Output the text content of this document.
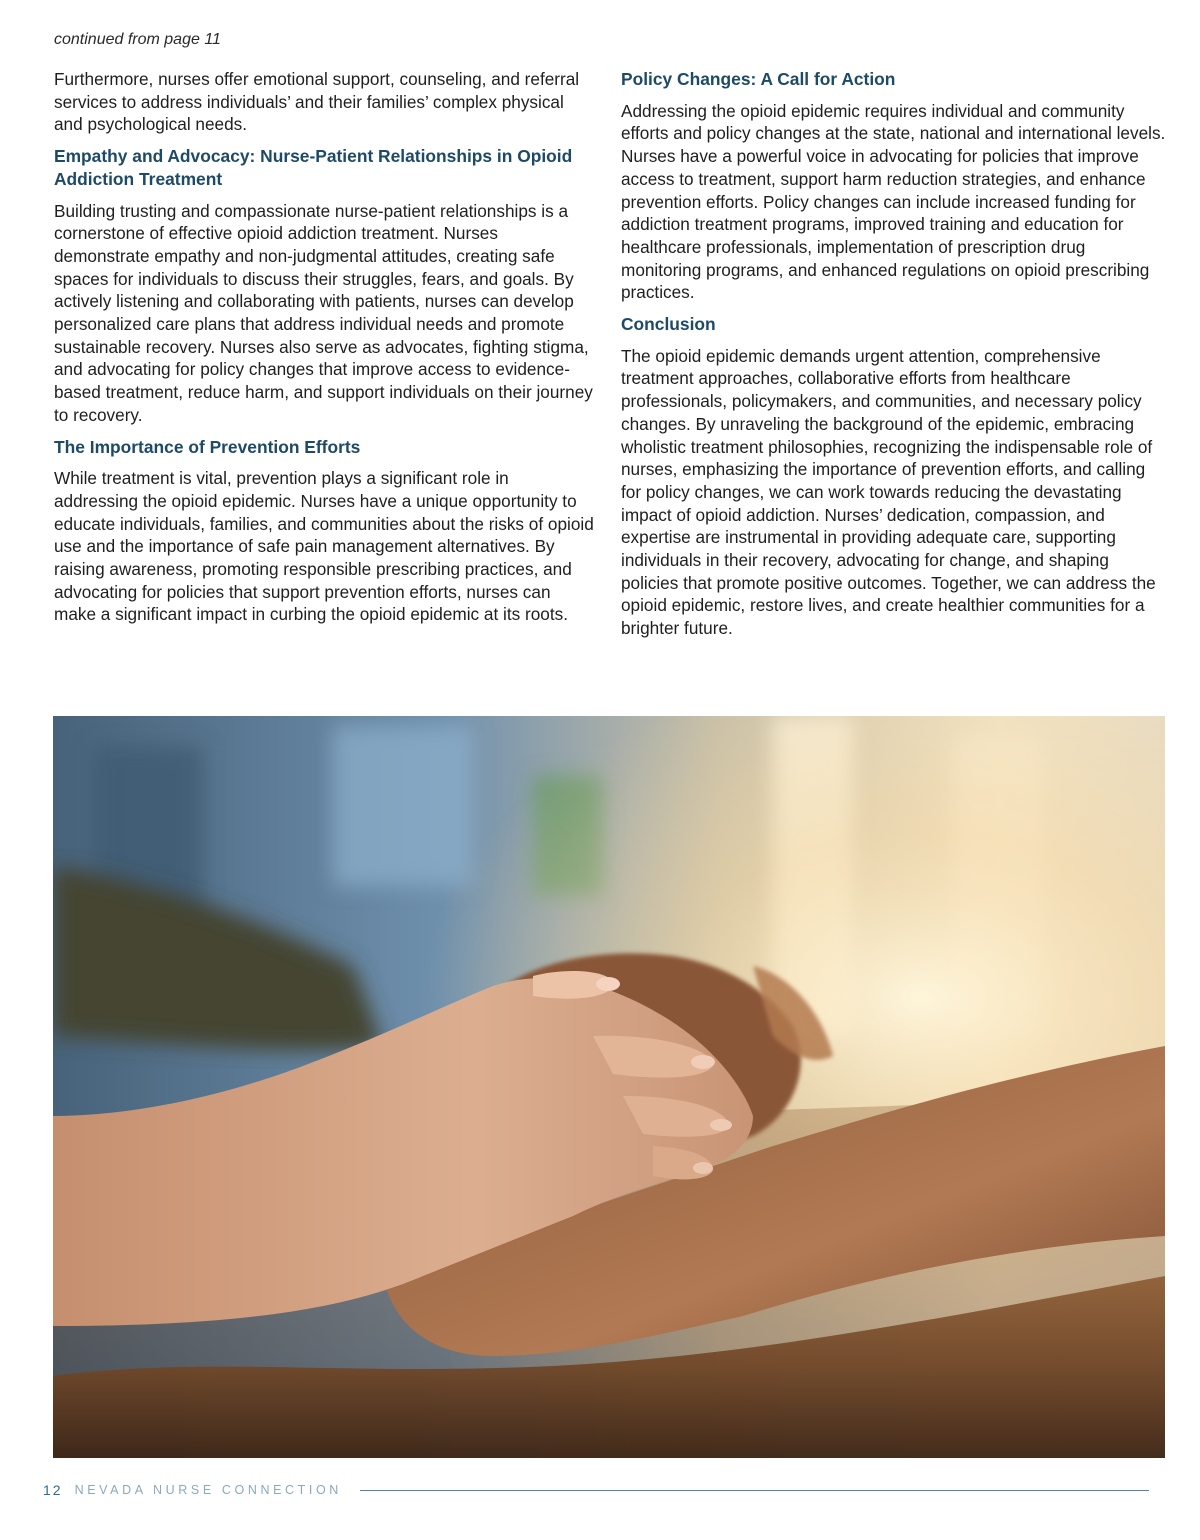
continued from page 11

Furthermore, nurses offer emotional support, counseling, and referral services to address individuals’ and their families’ complex physical and psychological needs.

Empathy and Advocacy: Nurse-Patient Relationships in Opioid Addiction Treatment

Building trusting and compassionate nurse-patient relationships is a cornerstone of effective opioid addiction treatment. Nurses demonstrate empathy and non-judgmental attitudes, creating safe spaces for individuals to discuss their struggles, fears, and goals. By actively listening and collaborating with patients, nurses can develop personalized care plans that address individual needs and promote sustainable recovery. Nurses also serve as advocates, fighting stigma, and advocating for policy changes that improve access to evidence-based treatment, reduce harm, and support individuals on their journey to recovery.

The Importance of Prevention Efforts

While treatment is vital, prevention plays a significant role in addressing the opioid epidemic. Nurses have a unique opportunity to educate individuals, families, and communities about the risks of opioid use and the importance of safe pain management alternatives. By raising awareness, promoting responsible prescribing practices, and advocating for policies that support prevention efforts, nurses can make a significant impact in curbing the opioid epidemic at its roots.

Policy Changes: A Call for Action

Addressing the opioid epidemic requires individual and community efforts and policy changes at the state, national and international levels. Nurses have a powerful voice in advocating for policies that improve access to treatment, support harm reduction strategies, and enhance prevention efforts. Policy changes can include increased funding for addiction treatment programs, improved training and education for healthcare professionals, implementation of prescription drug monitoring programs, and enhanced regulations on opioid prescribing practices.

Conclusion

The opioid epidemic demands urgent attention, comprehensive treatment approaches, collaborative efforts from healthcare professionals, policymakers, and communities, and necessary policy changes. By unraveling the background of the epidemic, embracing wholistic treatment philosophies, recognizing the indispensable role of nurses, emphasizing the importance of prevention efforts, and calling for policy changes, we can work towards reducing the devastating impact of opioid addiction. Nurses’ dedication, compassion, and expertise are instrumental in providing adequate care, supporting individuals in their recovery, advocating for change, and shaping policies that promote positive outcomes. Together, we can address the opioid epidemic, restore lives, and create healthier communities for a brighter future.

12 NEVADA NURSE CONNECTION
